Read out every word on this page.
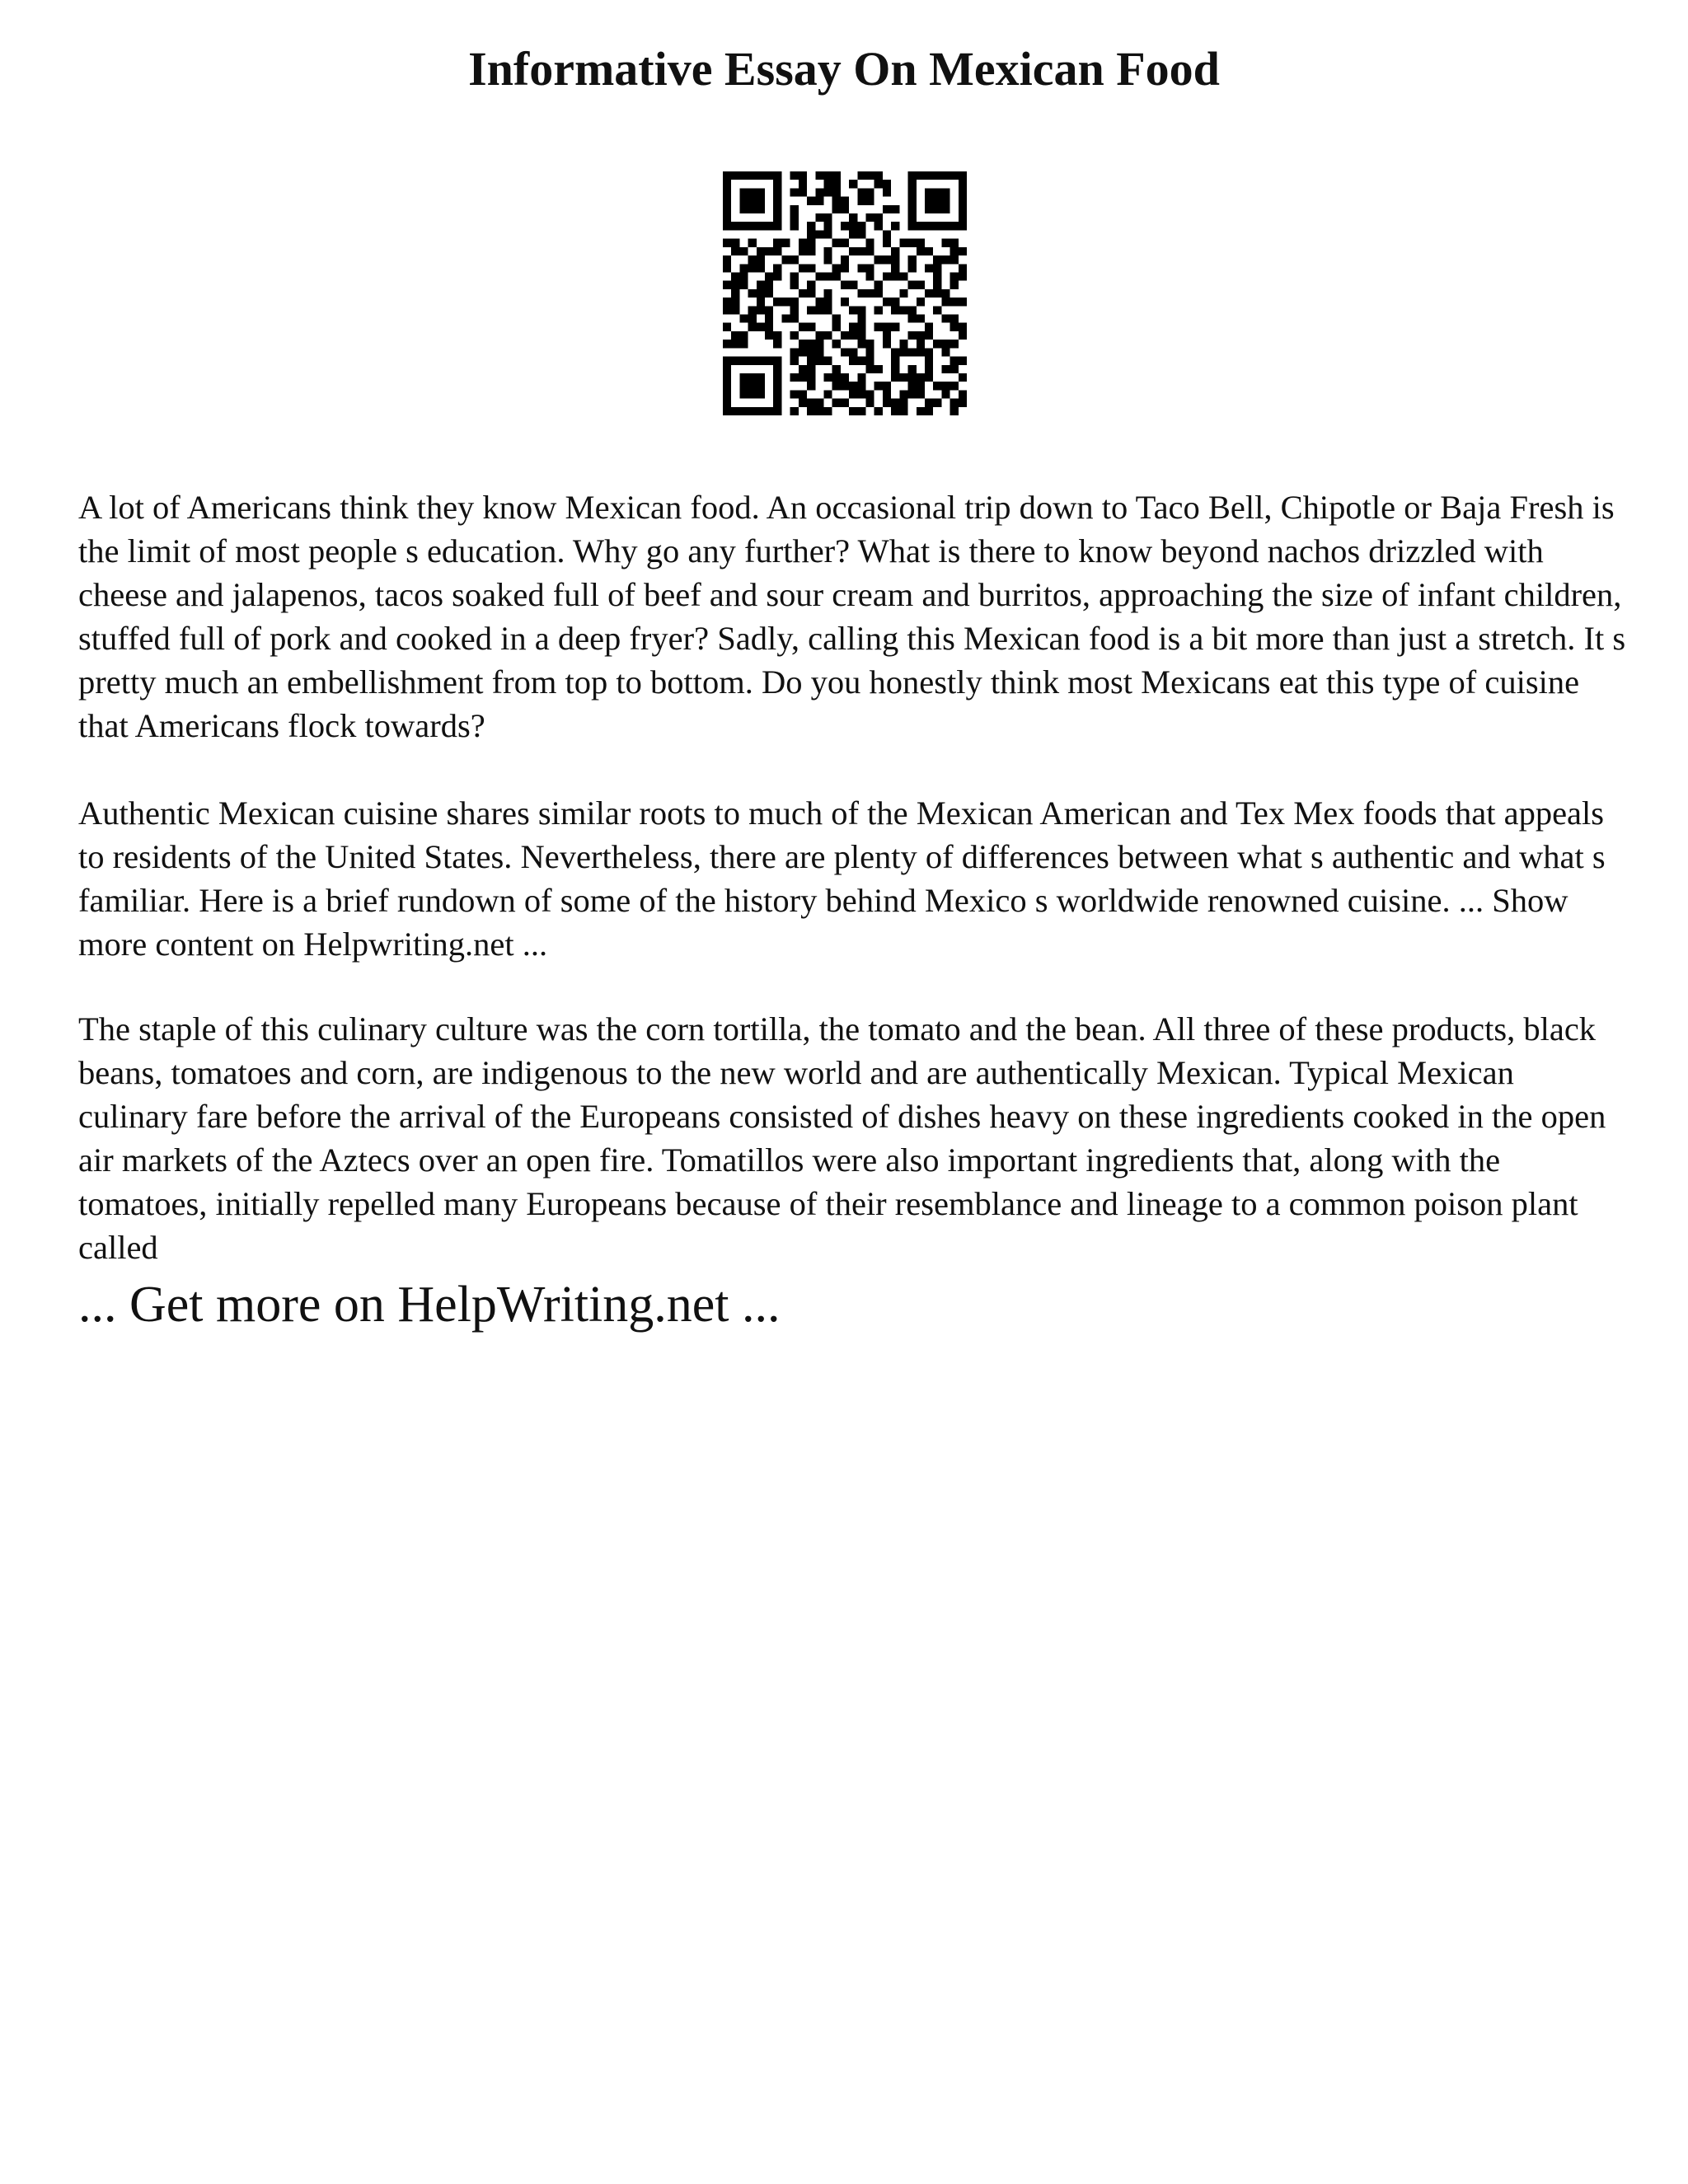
Informative Essay On Mexican Food

A lot of Americans think they know Mexican food. An occasional trip down to Taco Bell, Chipotle or Baja Fresh is the limit of most people s education. Why go any further? What is there to know beyond nachos drizzled with cheese and jalapenos, tacos soaked full of beef and sour cream and burritos, approaching the size of infant children, stuffed full of pork and cooked in a deep fryer? Sadly, calling this Mexican food is a bit more than just a stretch. It s pretty much an embellishment from top to bottom. Do you honestly think most Mexicans eat this type of cuisine that Americans flock towards?

Authentic Mexican cuisine shares similar roots to much of the Mexican American and Tex Mex foods that appeals to residents of the United States. Nevertheless, there are plenty of differences between what s authentic and what s familiar. Here is a brief rundown of some of the history behind Mexico s worldwide renowned cuisine. ... Show more content on Helpwriting.net ...

The staple of this culinary culture was the corn tortilla, the tomato and the bean. All three of these products, black beans, tomatoes and corn, are indigenous to the new world and are authentically Mexican. Typical Mexican culinary fare before the arrival of the Europeans consisted of dishes heavy on these ingredients cooked in the open air markets of the Aztecs over an open fire. Tomatillos were also important ingredients that, along with the tomatoes, initially repelled many Europeans because of their resemblance and lineage to a common poison plant called

... Get more on HelpWriting.net ...
